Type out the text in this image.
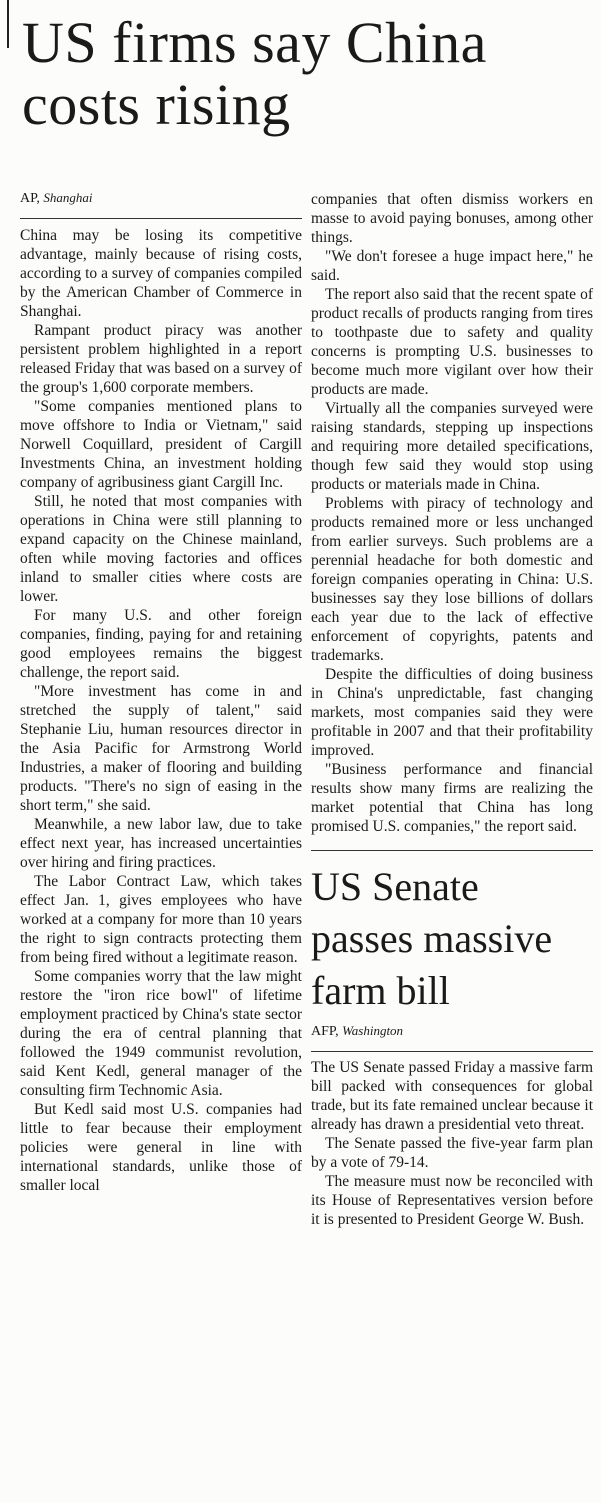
US firms say China
costs rising

AP, Shanghai

China may be losing its competitive advantage, mainly because of rising costs, according to a survey of companies compiled by the American Chamber of Commerce in Shanghai.

Rampant product piracy was another persistent problem highlighted in a report released Friday that was based on a survey of the group's 1,600 corporate members.

"Some companies mentioned plans to move offshore to India or Vietnam," said Norwell Coquillard, president of Cargill Investments China, an investment holding company of agribusiness giant Cargill Inc.

Still, he noted that most companies with operations in China were still planning to expand capacity on the Chinese mainland, often while moving factories and offices inland to smaller cities where costs are lower.

For many U.S. and other foreign companies, finding, paying for and retaining good employees remains the biggest challenge, the report said.

"More investment has come in and stretched the supply of talent," said Stephanie Liu, human resources director in the Asia Pacific for Armstrong World Industries, a maker of flooring and building products. "There's no sign of easing in the short term," she said.

Meanwhile, a new labor law, due to take effect next year, has increased uncertainties over hiring and firing practices.

The Labor Contract Law, which takes effect Jan. 1, gives employees who have worked at a company for more than 10 years the right to sign contracts protecting them from being fired without a legitimate reason.

Some companies worry that the law might restore the "iron rice bowl" of lifetime employment practiced by China's state sector during the era of central planning that followed the 1949 communist revolution, said Kent Kedl, general manager of the consulting firm Technomic Asia.

But Kedl said most U.S. companies had little to fear because their employment policies were general in line with international standards, unlike those of smaller local

companies that often dismiss workers en masse to avoid paying bonuses, among other things.

"We don't foresee a huge impact here," he said.

The report also said that the recent spate of product recalls of products ranging from tires to toothpaste due to safety and quality concerns is prompting U.S. businesses to become much more vigilant over how their products are made.

Virtually all the companies surveyed were raising standards, stepping up inspections and requiring more detailed specifications, though few said they would stop using products or materials made in China.

Problems with piracy of technology and products remained more or less unchanged from earlier surveys. Such problems are a perennial headache for both domestic and foreign companies operating in China: U.S. businesses say they lose billions of dollars each year due to the lack of effective enforcement of copyrights, patents and trademarks.

Despite the difficulties of doing business in China's unpredictable, fast changing markets, most companies said they were profitable in 2007 and that their profitability improved.

"Business performance and financial results show many firms are realizing the market potential that China has long promised U.S. companies," the report said.

US Senate
passes massive
farm bill

AFP, Washington

The US Senate passed Friday a massive farm bill packed with consequences for global trade, but its fate remained unclear because it already has drawn a presidential veto threat.

The Senate passed the five-year farm plan by a vote of 79-14.

The measure must now be reconciled with its House of Representatives version before it is presented to President George W. Bush.
